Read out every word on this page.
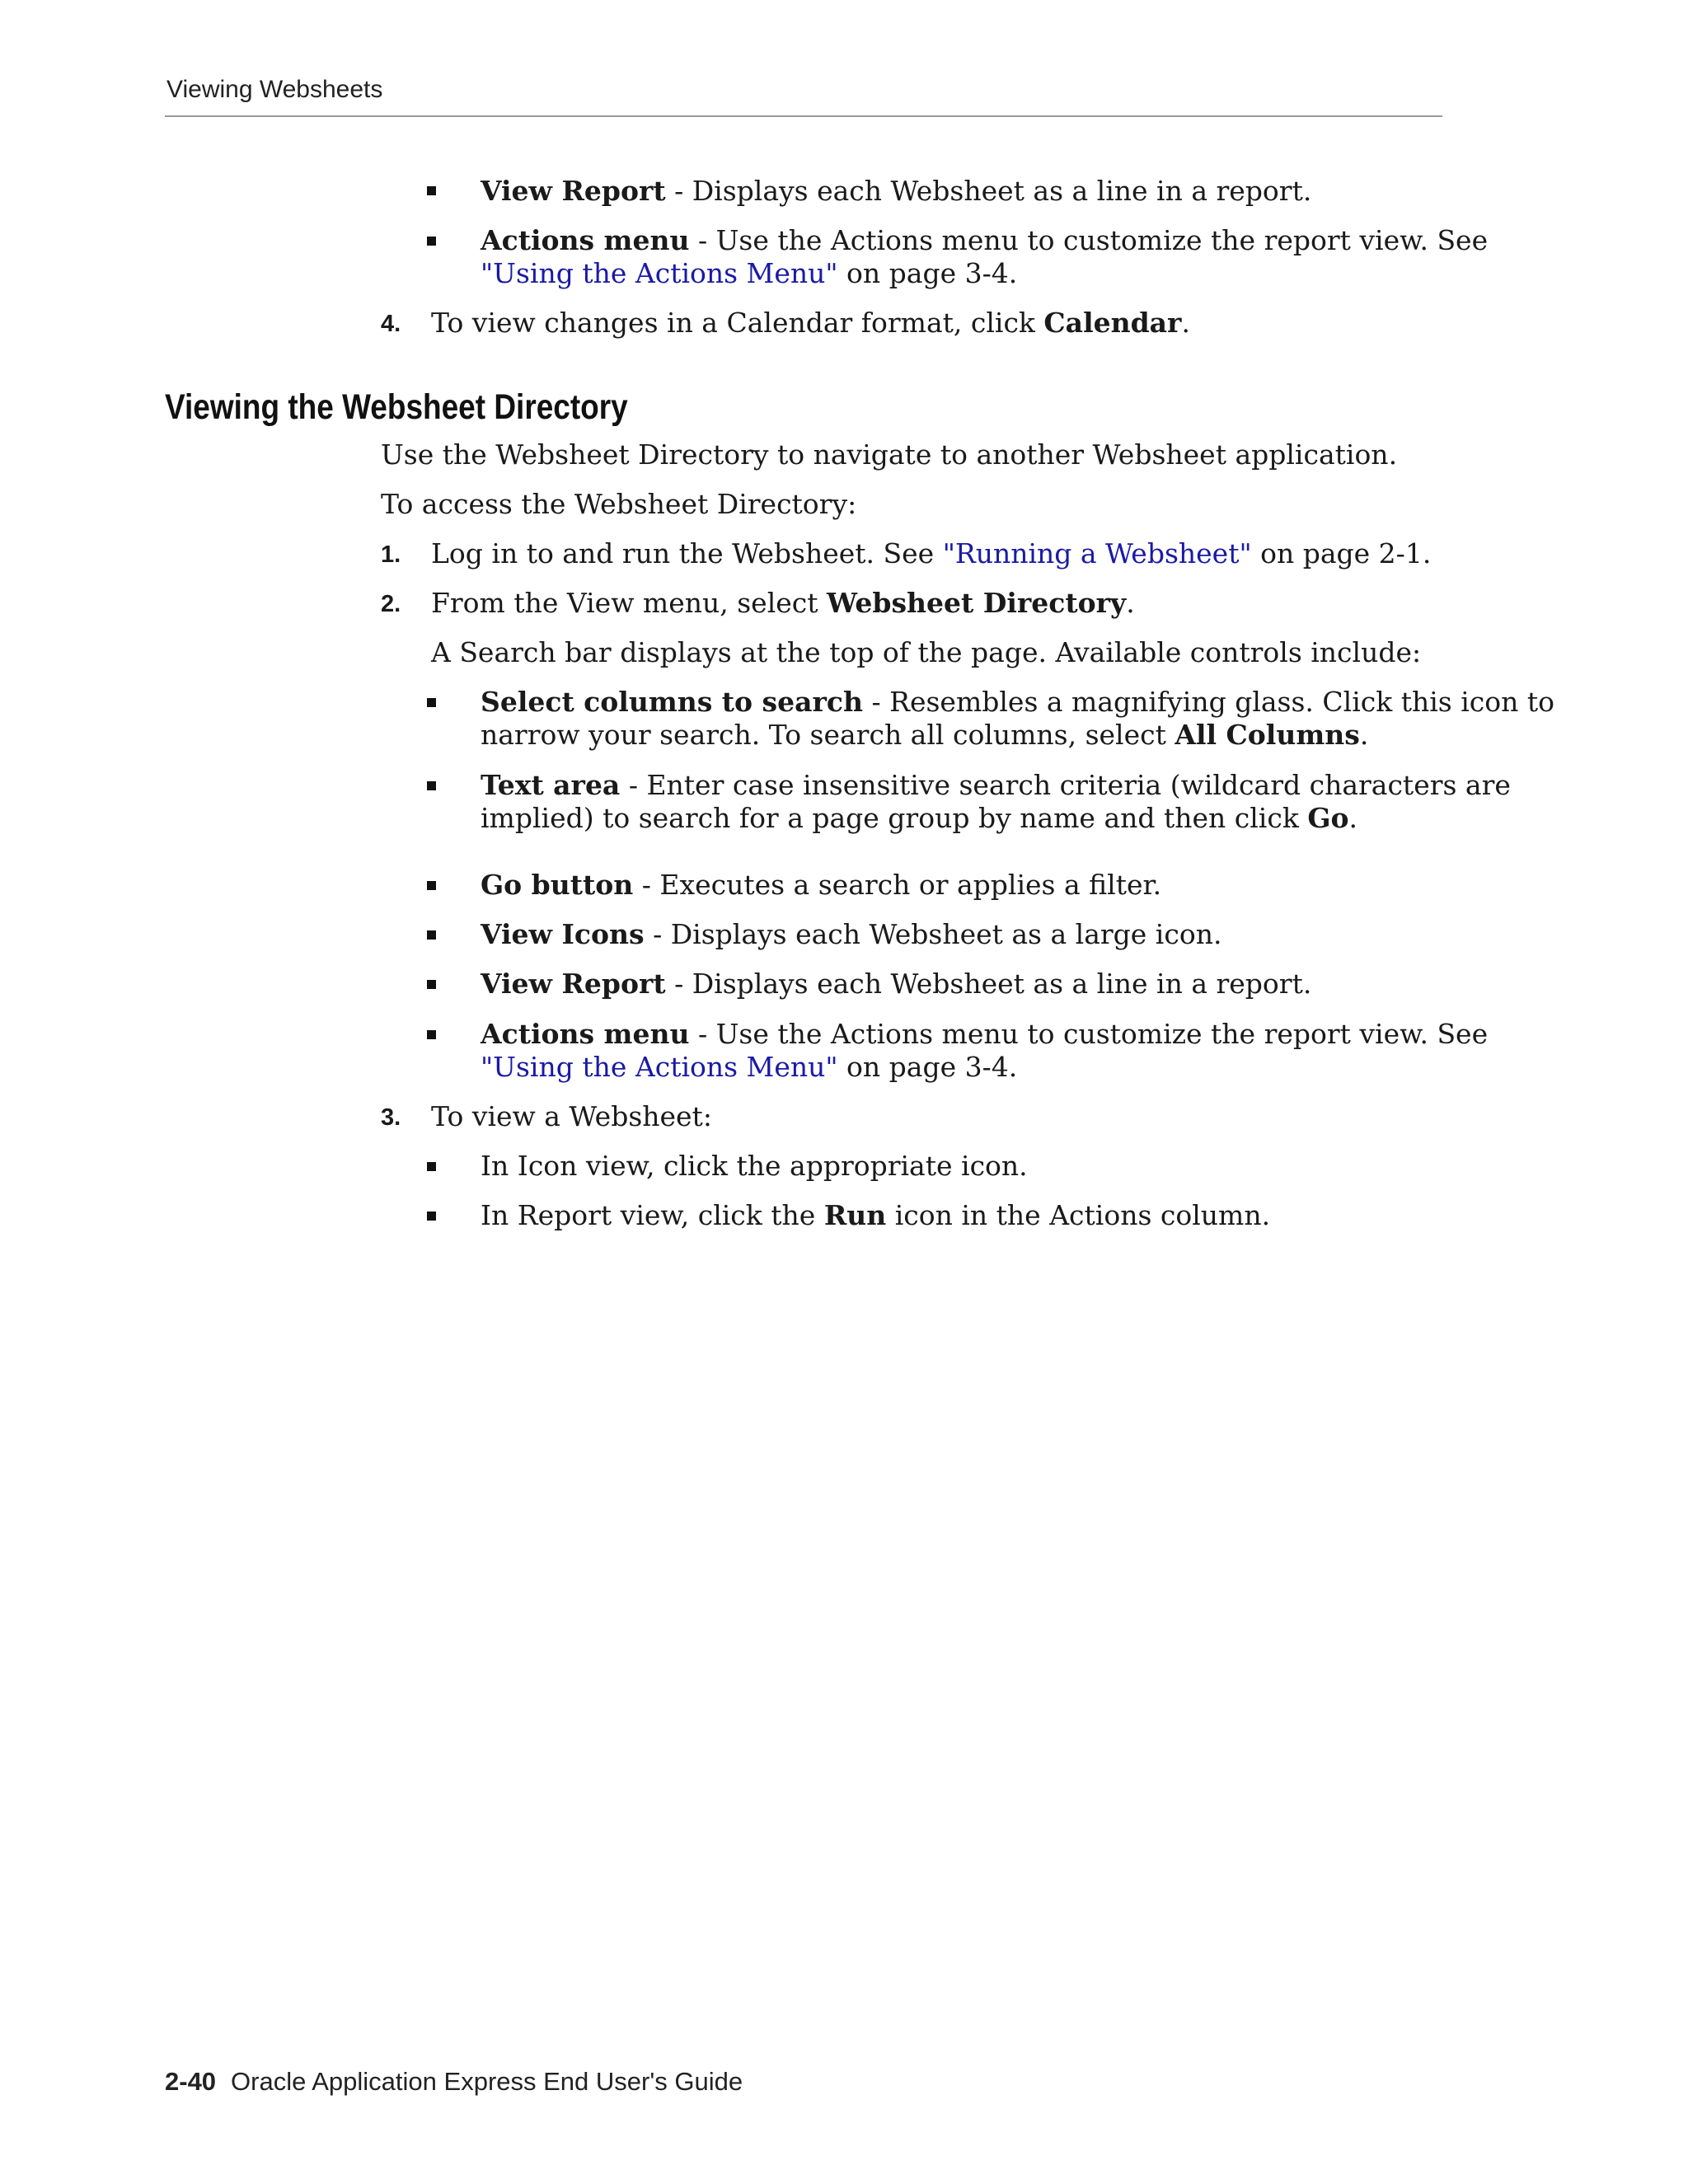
Viewing Websheets
View Report - Displays each Websheet as a line in a report.
Actions menu - Use the Actions menu to customize the report view. See
"Using the Actions Menu" on page 3-4.
4. To view changes in a Calendar format, click Calendar.
Viewing the Websheet Directory
Use the Websheet Directory to navigate to another Websheet application.
To access the Websheet Directory:
1. Log in to and run the Websheet. See "Running a Websheet" on page 2-1.
2. From the View menu, select Websheet Directory.
A Search bar displays at the top of the page. Available controls include:
Select columns to search - Resembles a magnifying glass. Click this icon to
narrow your search. To search all columns, select All Columns.
Text area - Enter case insensitive search criteria (wildcard characters are
implied) to search for a page group by name and then click Go.
Go button - Executes a search or applies a filter.
View Icons - Displays each Websheet as a large icon.
View Report - Displays each Websheet as a line in a report.
Actions menu - Use the Actions menu to customize the report view. See
"Using the Actions Menu" on page 3-4.
3. To view a Websheet:
In Icon view, click the appropriate icon.
In Report view, click the Run icon in the Actions column.
2-40 Oracle Application Express End User's Guide
